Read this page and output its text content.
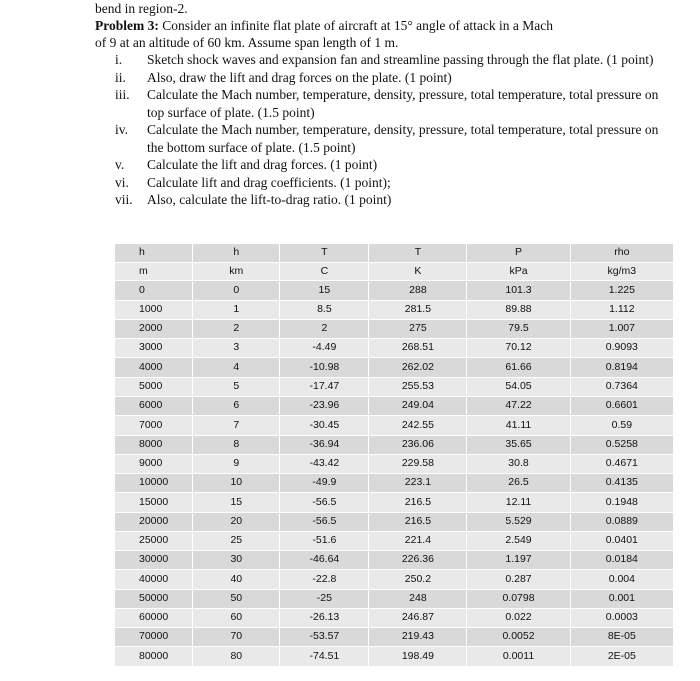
bend in region-2.
Problem 3: Consider an infinite flat plate of aircraft at 15° angle of attack in a Mach
of 9 at an altitude of 60 km. Assume span length of 1 m.
i.	Sketch shock waves and expansion fan and streamline passing through the flat plate. (1 point)
ii.	Also, draw the lift and drag forces on the plate. (1 point)
iii.	Calculate the Mach number, temperature, density, pressure, total temperature, total pressure on top surface of plate. (1.5 point)
iv.	Calculate the Mach number, temperature, density, pressure, total temperature, total pressure on the bottom surface of plate. (1.5 point)
v.	Calculate the lift and drag forces. (1 point)
vi.	Calculate lift and drag coefficients. (1 point);
vii.	Also, calculate the lift-to-drag ratio. (1 point)
h	h	T	T	P	rho
m	km	C	K	kPa	kg/m3
0	0	15	288	101.3	1.225
1000	1	8.5	281.5	89.88	1.112
2000	2	2	275	79.5	1.007
3000	3	-4.49	268.51	70.12	0.9093
4000	4	-10.98	262.02	61.66	0.8194
5000	5	-17.47	255.53	54.05	0.7364
6000	6	-23.96	249.04	47.22	0.6601
7000	7	-30.45	242.55	41.11	0.59
8000	8	-36.94	236.06	35.65	0.5258
9000	9	-43.42	229.58	30.8	0.4671
10000	10	-49.9	223.1	26.5	0.4135
15000	15	-56.5	216.5	12.11	0.1948
20000	20	-56.5	216.5	5.529	0.0889
25000	25	-51.6	221.4	2.549	0.0401
30000	30	-46.64	226.36	1.197	0.0184
40000	40	-22.8	250.2	0.287	0.004
50000	50	-25	248	0.0798	0.001
60000	60	-26.13	246.87	0.022	0.0003
70000	70	-53.57	219.43	0.0052	8E-05
80000	80	-74.51	198.49	0.0011	2E-05
